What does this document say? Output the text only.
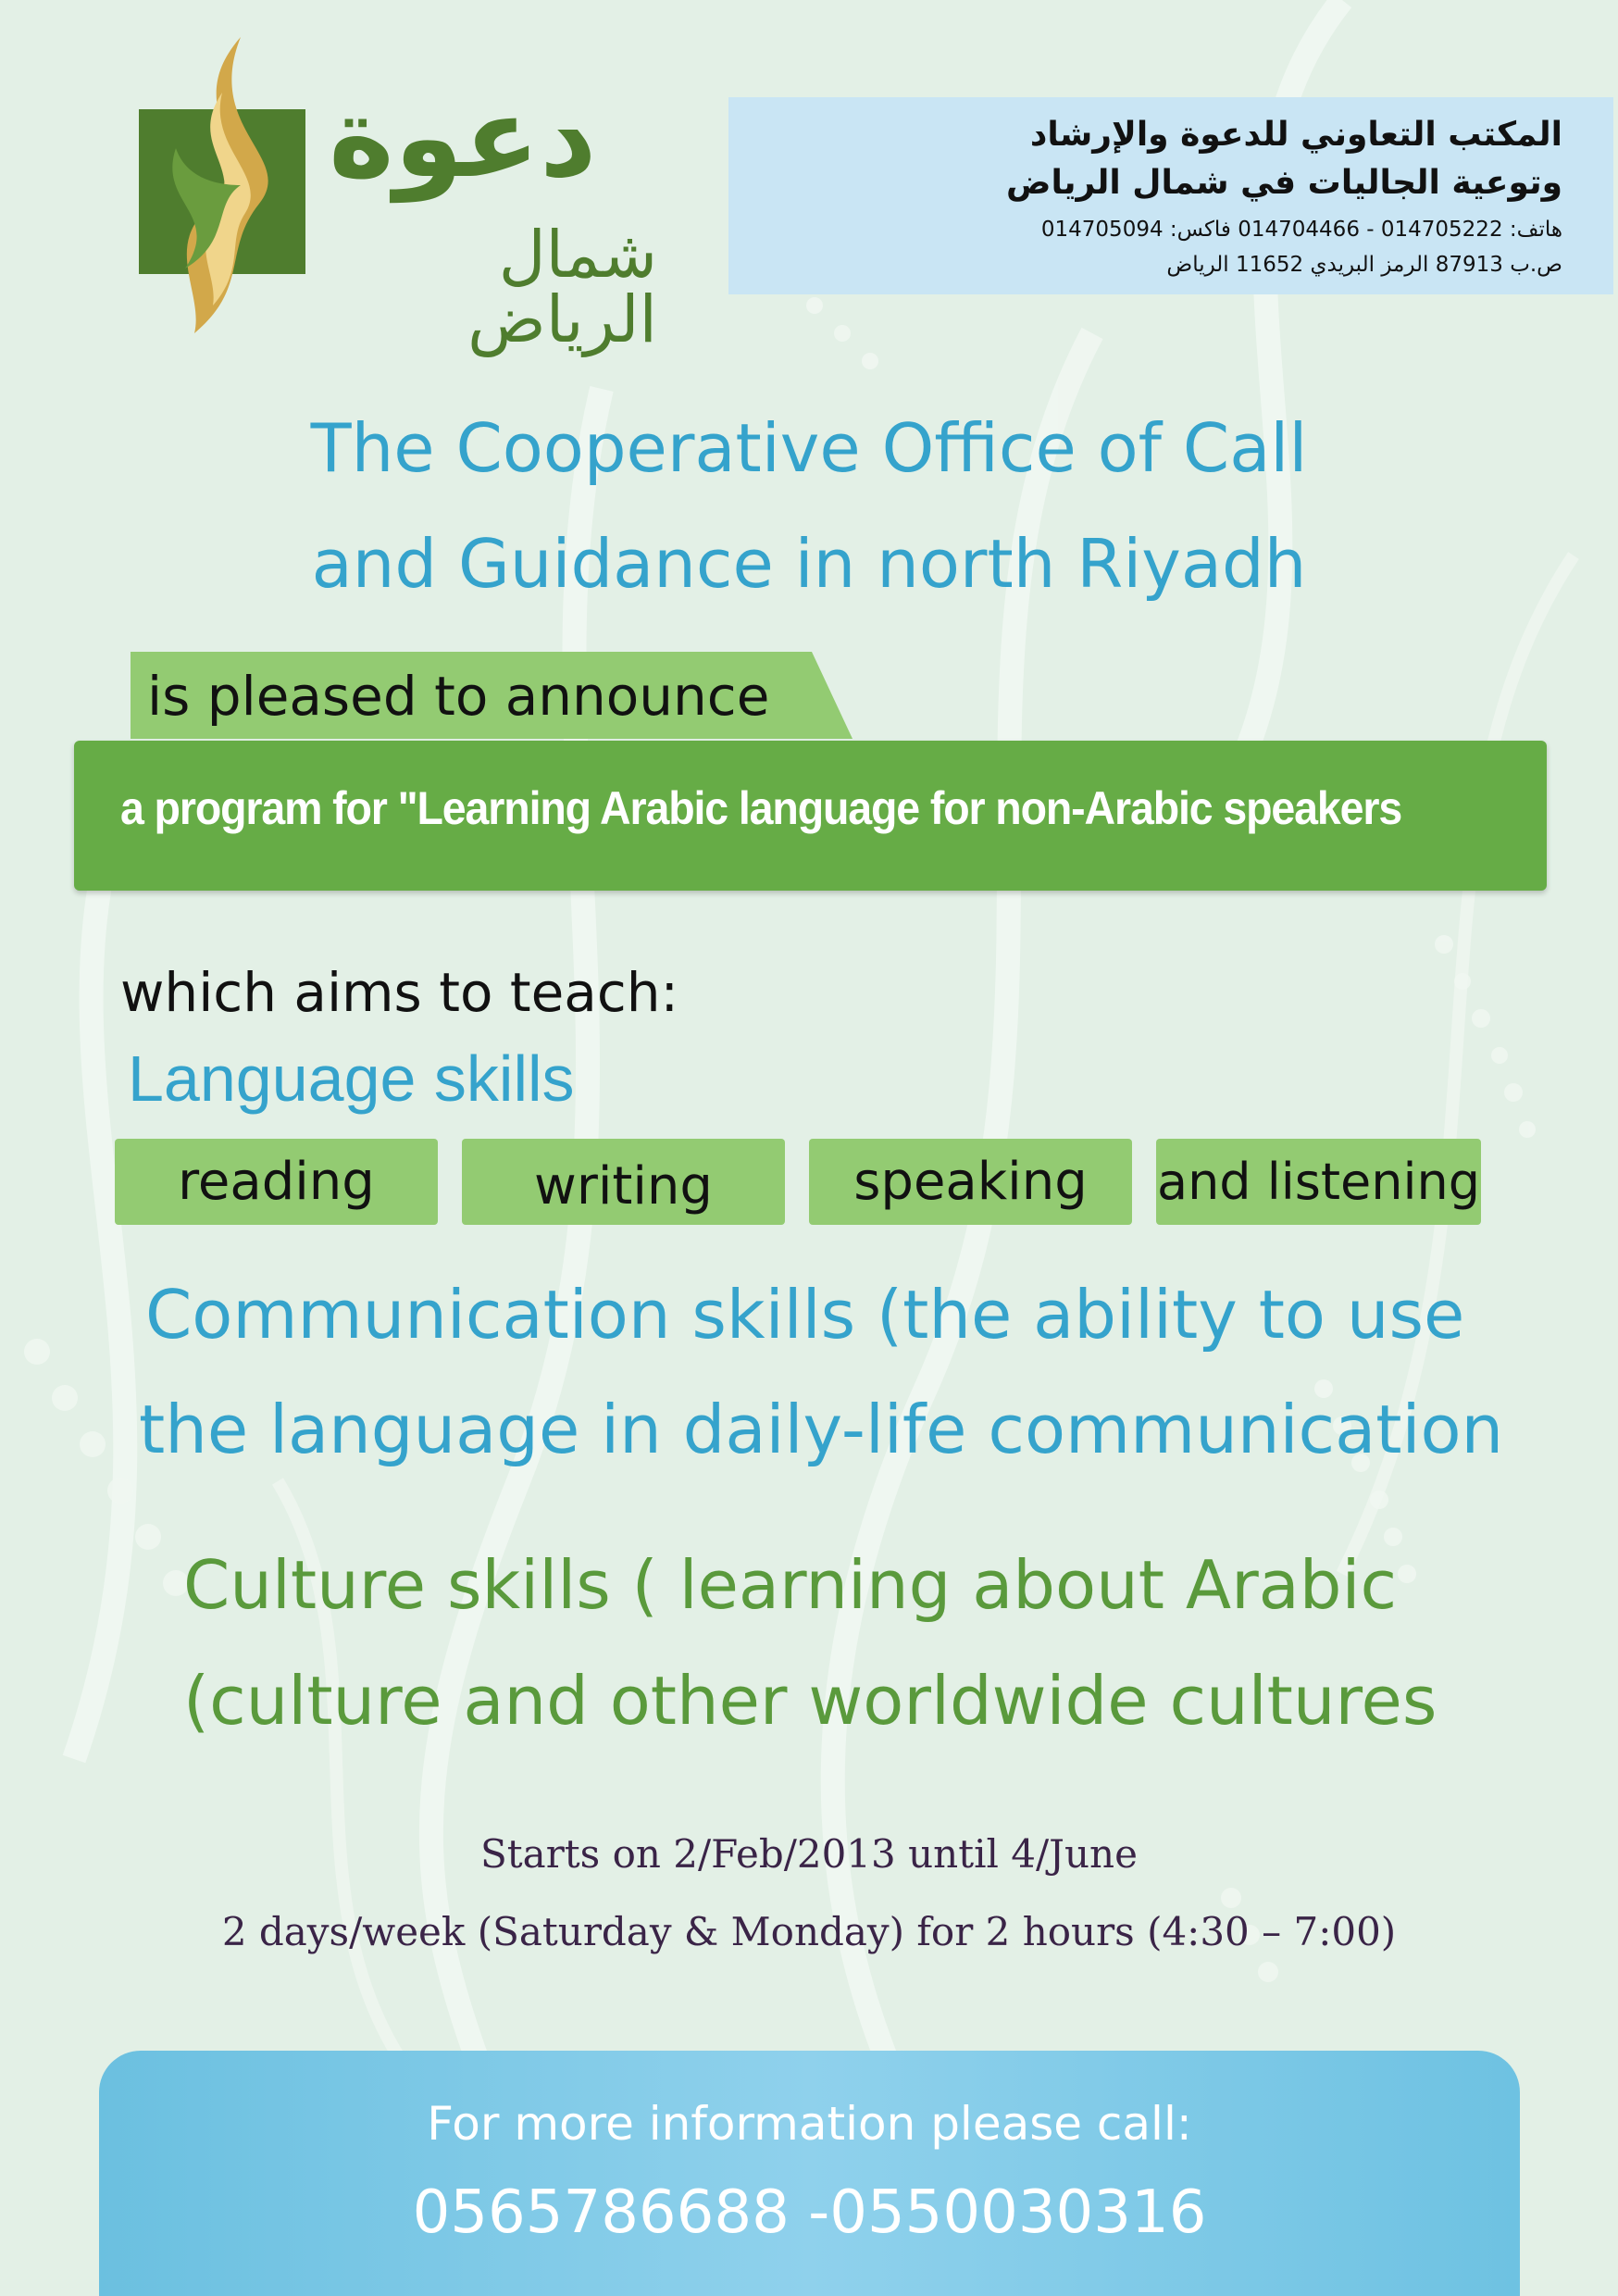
دعوة
شمال الرياض
المكتب التعاوني للدعوة والإرشاد
وتوعية الجاليات في شمال الرياض
هاتف: 014705222 - 014704466 فاكس: 014705094
ص.ب 87913 الرمز البريدي 11652 الرياض
The Cooperative Office of Call
and Guidance in north Riyadh
is pleased to announce
a program for "Learning Arabic language for non-Arabic speakers
which aims to teach:
Language skills
reading	writing	speaking	and listening
Communication skills (the ability to use
the language in daily-life communication
Culture skills ( learning about Arabic
(culture and other worldwide cultures
Starts on 2/Feb/2013 until 4/June
2 days/week (Saturday & Monday) for 2 hours (4:30 – 7:00)
For more information please call:
0565786688 -0550030316
